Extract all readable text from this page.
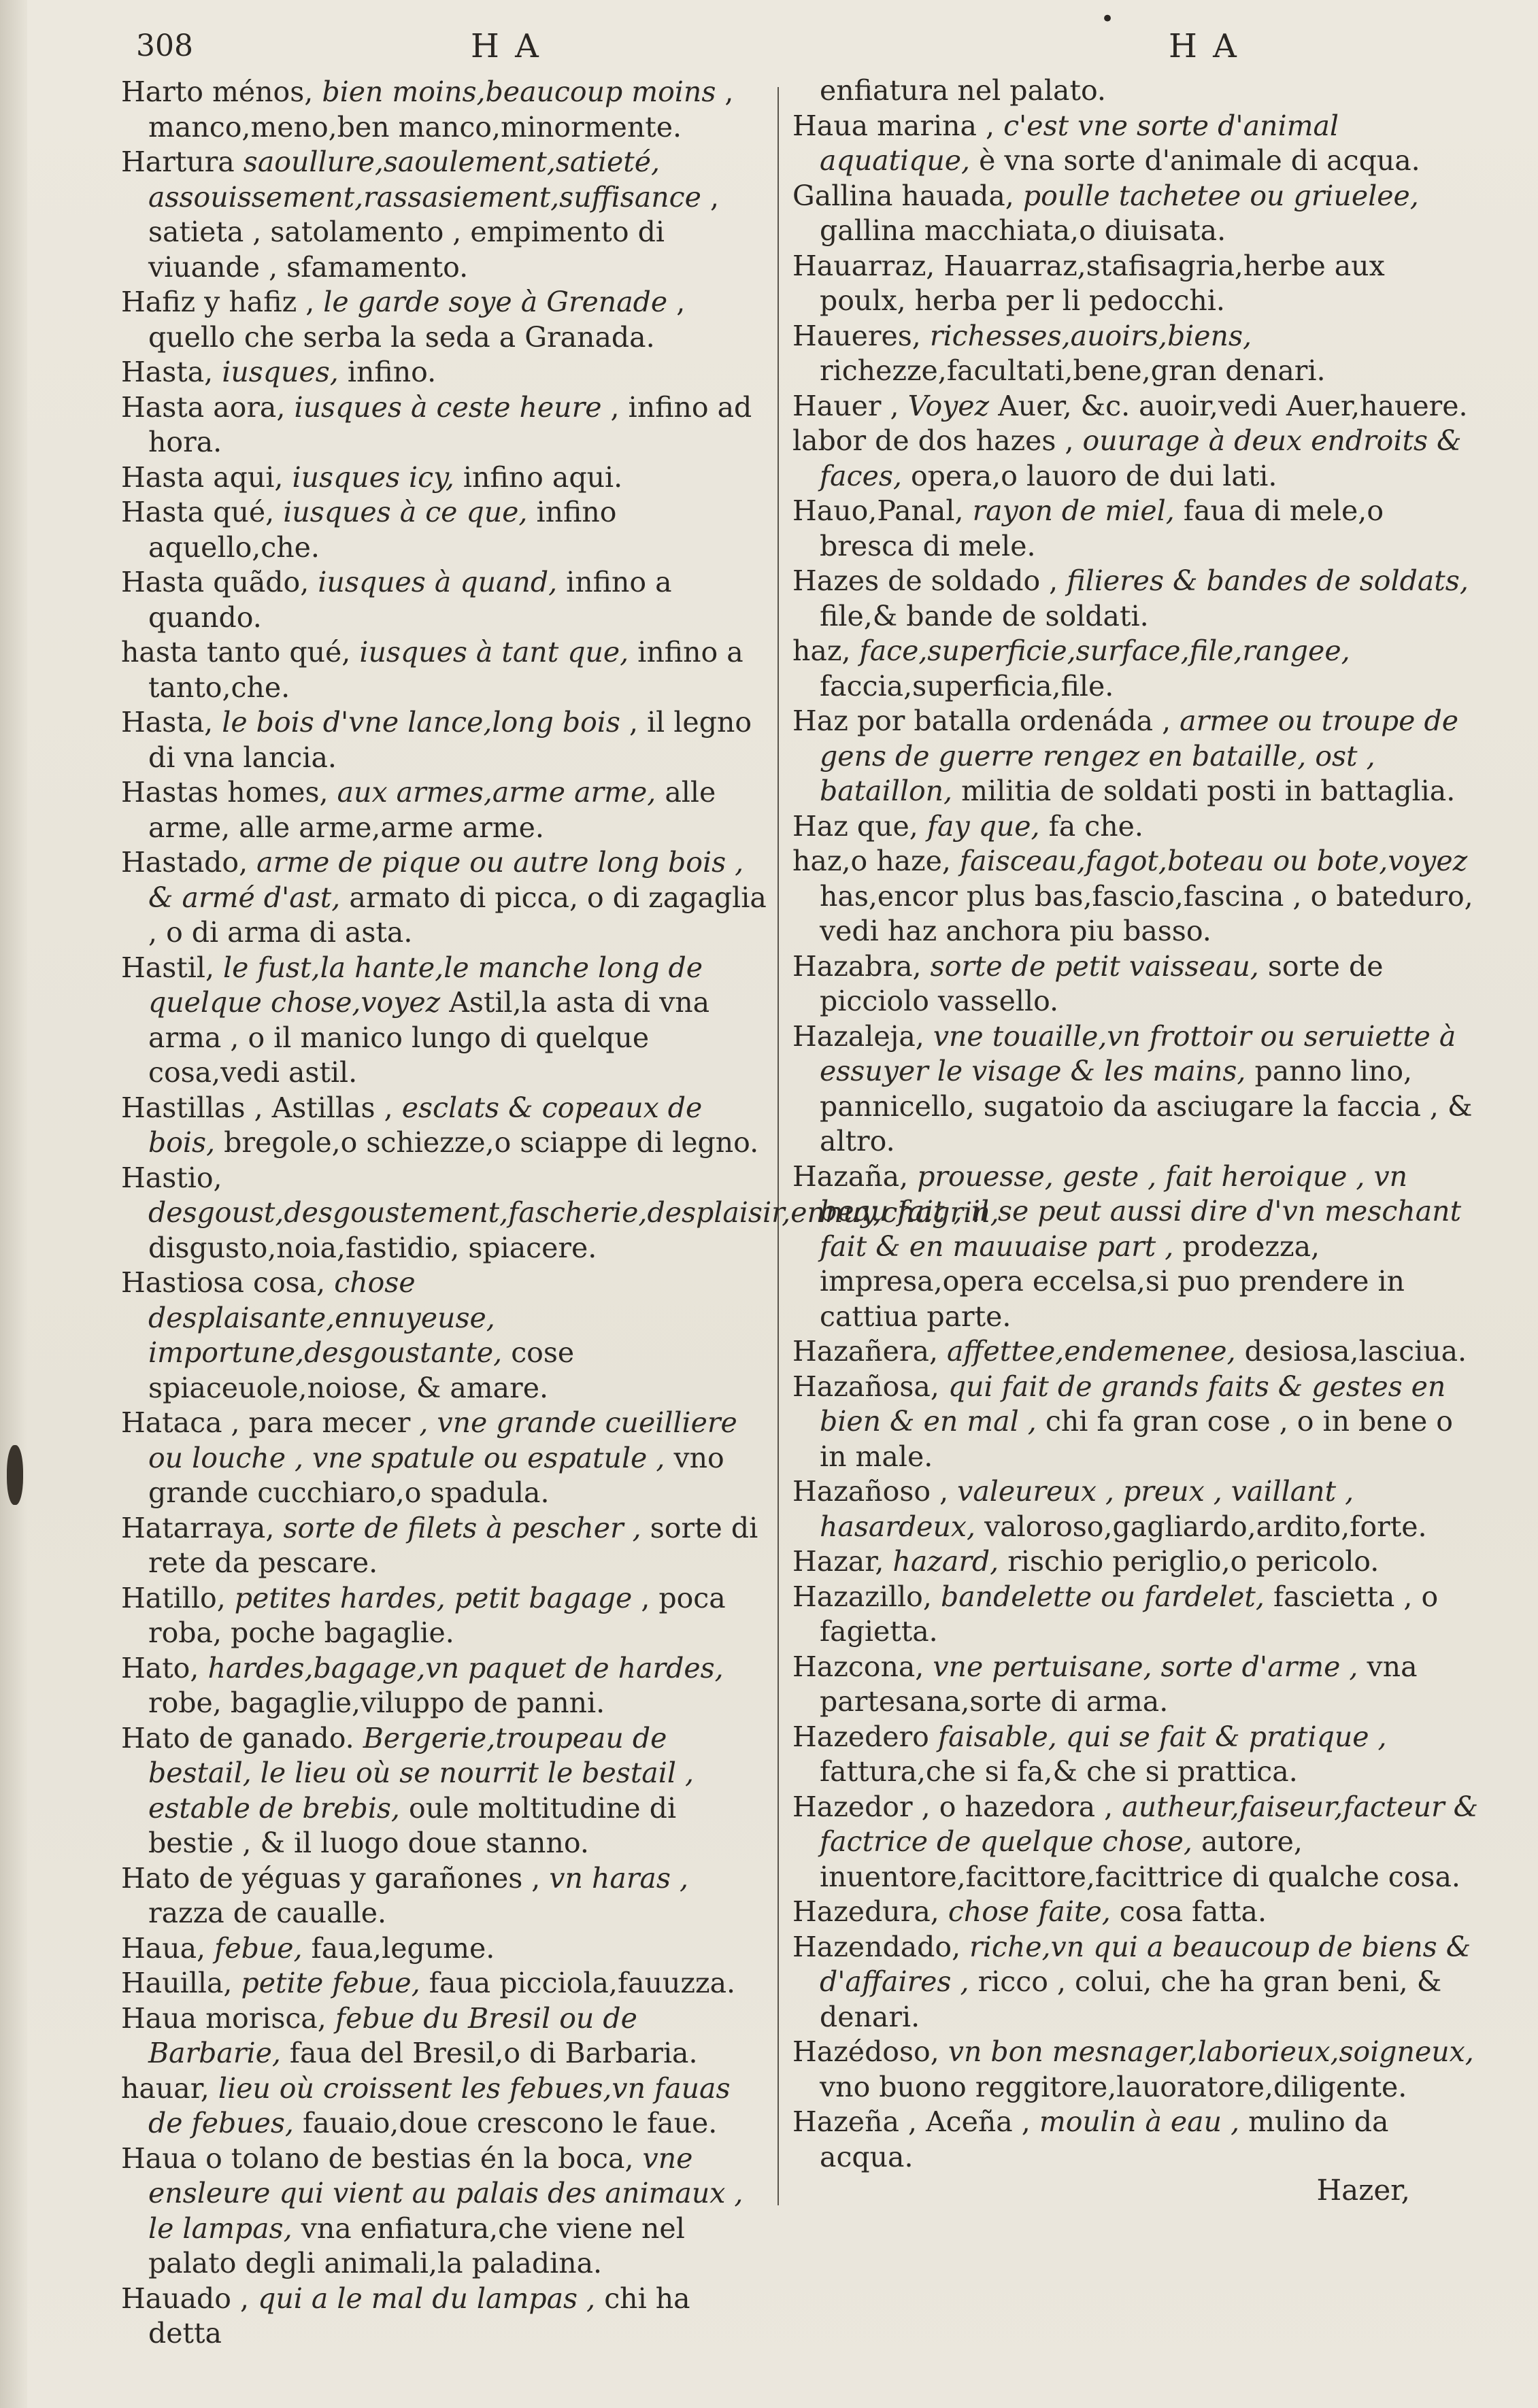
308
•
H A	H A

Harto ménos, bien moins,beaucoup moins , manco,meno,ben manco,minormente.

Hartura saoullure,saoulement,satieté, assouissement,rassasiement,suffisance , satieta , satolamento , empimento di viuande , sfamamento.

Hafiz y hafiz , le garde soye à Grenade , quello che serba la seda a Granada.

Hasta, iusques, infino.

Hasta aora, iusques à ceste heure , infino ad hora.

Hasta aqui, iusques icy, infino aqui.

Hasta qué, iusques à ce que, infino aquello,che.

Hasta quãdo, iusques à quand, infino a quando.

hasta tanto qué, iusques à tant que, infino a tanto,che.

Hasta, le bois d'vne lance,long bois , il legno di vna lancia.

Hastas homes, aux armes,arme arme, alle arme, alle arme,arme arme.

Hastado, arme de pique ou autre long bois , & armé d'ast, armato di picca, o di zagaglia , o di arma di asta.

Hastil, le fust,la hante,le manche long de quelque chose,voyez Astil,la asta di vna arma , o il manico lungo di quelque cosa,vedi astil.

Hastillas , Astillas , esclats & copeaux de bois, bregole,o schiezze,o sciappe di legno.

Hastio, desgoust,desgoustement,fascherie,desplaisir,ennuy,chagrin, disgusto,noia,fastidio, spiacere.

Hastiosa cosa, chose desplaisante,ennuyeuse, importune,desgoustante, cose spiaceuole,noiose, & amare.

Hataca , para mecer , vne grande cueilliere ou louche , vne spatule ou espatule , vno grande cucchiaro,o spadula.

Hatarraya, sorte de filets à pescher , sorte di rete da pescare.

Hatillo, petites hardes, petit bagage , poca roba, poche bagaglie.

Hato, hardes,bagage,vn paquet de hardes, robe, bagaglie,viluppo de panni.

Hato de ganado. Bergerie,troupeau de bestail, le lieu où se nourrit le bestail , estable de brebis, oule moltitudine di bestie , & il luogo doue stanno.

Hato de yéguas y garañones , vn haras , razza de caualle.

Haua, febue, faua,legume.

Hauilla, petite febue, faua picciola,fauuzza.

Haua morisca, febue du Bresil ou de Barbarie, faua del Bresil,o di Barbaria.

hauar, lieu où croissent les febues,vn fauas de febues, fauaio,doue crescono le faue.

Haua o tolano de bestias én la boca, vne ensleure qui vient au palais des animaux , le lampas, vna enfiatura,che viene nel palato degli animali,la paladina.

Hauado , qui a le mal du lampas , chi ha detta

enfiatura nel palato.

Haua marina , c'est vne sorte d'animal aquatique, è vna sorte d'animale di acqua.

Gallina hauada, poulle tachetee ou griuelee, gallina macchiata,o diuisata.

Hauarraz, Hauarraz,stafisagria,herbe aux poulx, herba per li pedocchi.

Haueres, richesses,auoirs,biens, richezze,facultati,bene,gran denari.

Hauer , Voyez Auer, &c. auoir,vedi Auer,hauere.

labor de dos hazes , ouurage à deux endroits & faces, opera,o lauoro de dui lati.

Hauo,Panal, rayon de miel, faua di mele,o bresca di mele.

Hazes de soldado , filieres & bandes de soldats, file,& bande de soldati.

haz, face,superficie,surface,file,rangee, faccia,superficia,file.

Haz por batalla ordenáda , armee ou troupe de gens de guerre rengez en bataille, ost , bataillon, militia de soldati posti in battaglia.

Haz que, fay que, fa che.

haz,o haze, faisceau,fagot,boteau ou bote,voyez has,encor plus bas,fascio,fascina , o bateduro, vedi haz anchora piu basso.

Hazabra, sorte de petit vaisseau, sorte de picciolo vassello.

Hazaleja, vne touaille,vn frottoir ou seruiette à essuyer le visage & les mains, panno lino, pannicello, sugatoio da asciugare la faccia , & altro.

Hazaña, prouesse, geste , fait heroique , vn beau fait , il se peut aussi dire d'vn meschant fait & en mauuaise part , prodezza, impresa,opera eccelsa,si puo prendere in cattiua parte.

Hazañera, affettee,endemenee, desiosa,lasciua.

Hazañosa, qui fait de grands faits & gestes en bien & en mal , chi fa gran cose , o in bene o in male.

Hazañoso , valeureux , preux , vaillant , hasardeux, valoroso,gagliardo,ardito,forte.

Hazar, hazard, rischio periglio,o pericolo.

Hazazillo, bandelette ou fardelet, fascietta , o fagietta.

Hazcona, vne pertuisane, sorte d'arme , vna partesana,sorte di arma.

Hazedero faisable, qui se fait & pratique , fattura,che si fa,& che si prattica.

Hazedor , o hazedora , autheur,faiseur,facteur & factrice de quelque chose, autore, inuentore,facittore,facittrice di qualche cosa.

Hazedura, chose faite, cosa fatta.

Hazendado, riche,vn qui a beaucoup de biens & d'affaires , ricco , colui, che ha gran beni, & denari.

Hazédoso, vn bon mesnager,laborieux,soigneux, vno buono reggitore,lauoratore,diligente.

Hazeña , Aceña , moulin à eau , mulino da acqua.

Hazer,
